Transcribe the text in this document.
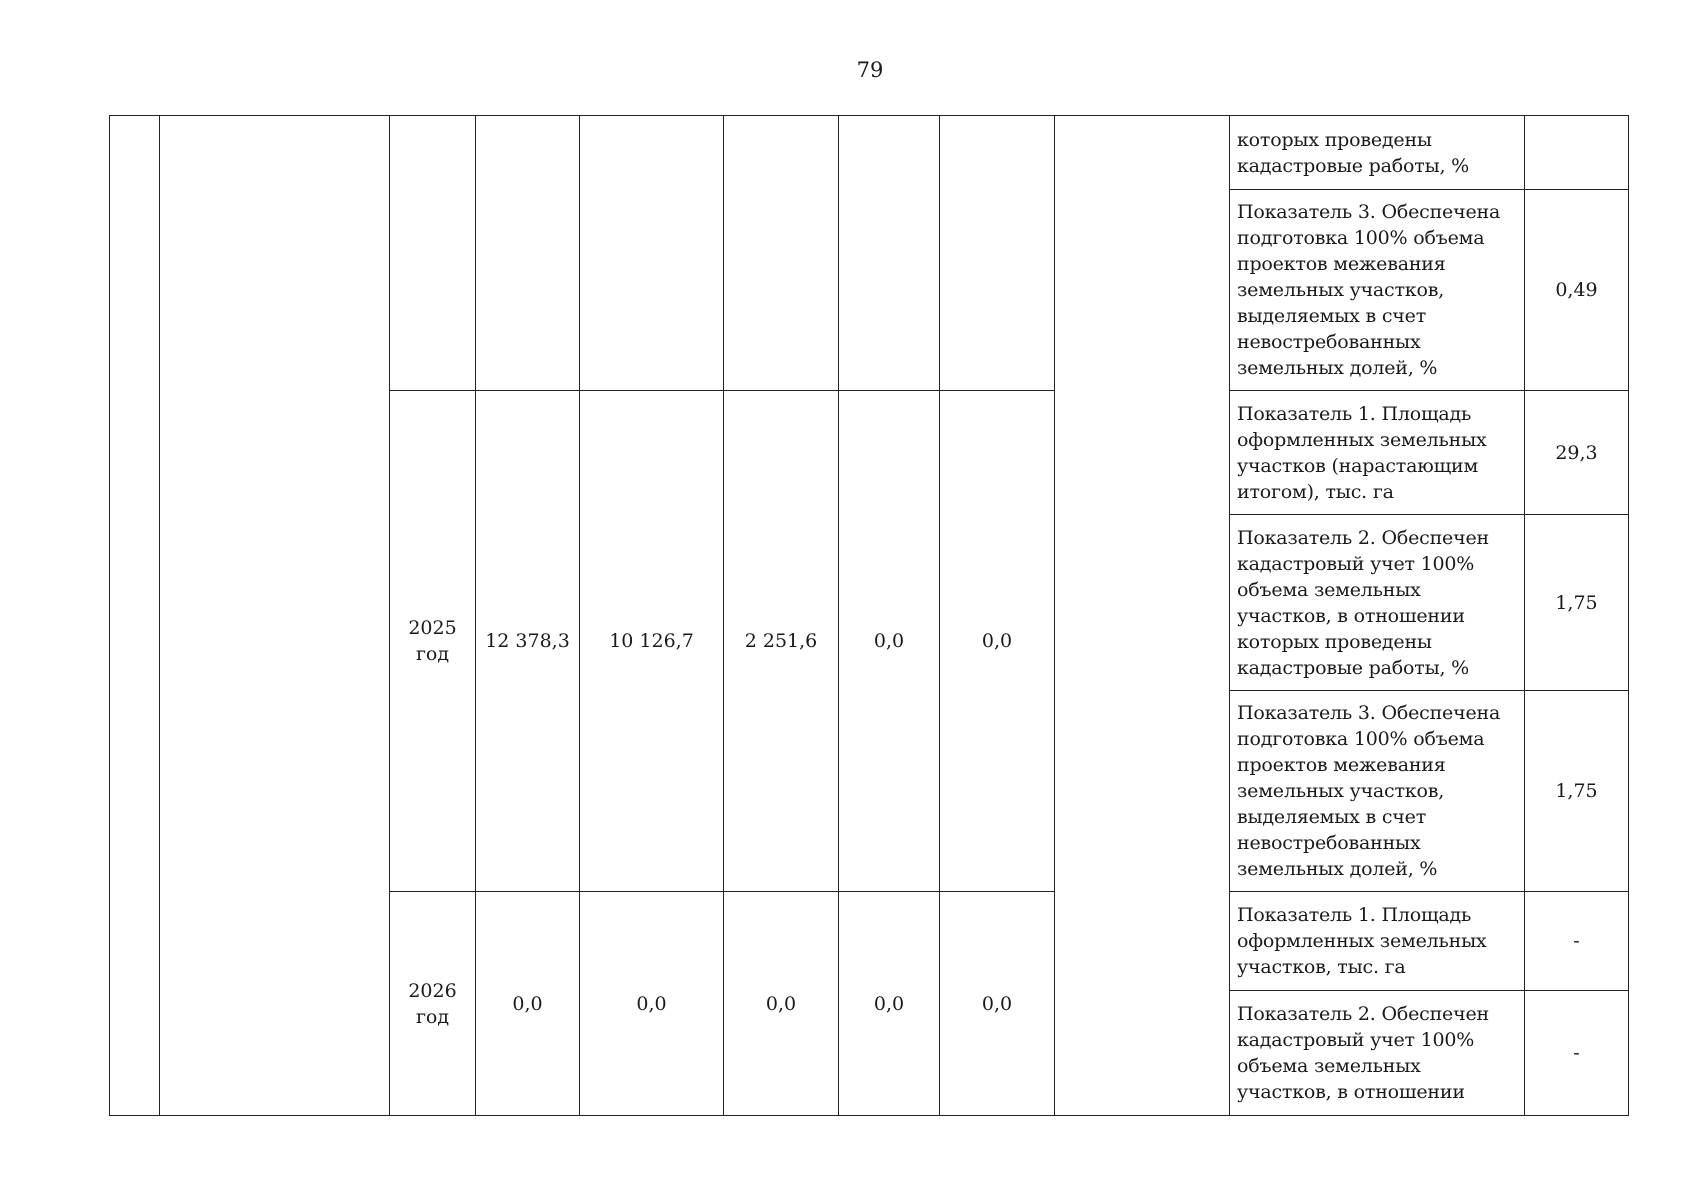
79
									которых проведены кадастровые работы, %	
									Показатель 3. Обеспечена подготовка 100% объема проектов межевания земельных участков, выделяемых в счет невостребованных земельных долей, %	0,49
		2025 год	12 378,3	10 126,7	2 251,6	0,0	0,0		Показатель 1. Площадь оформленных земельных участков (нарастающим итогом), тыс. га	29,3
									Показатель 2. Обеспечен кадастровый учет 100% объема земельных участков, в отношении которых проведены кадастровые работы, %	1,75
									Показатель 3. Обеспечена подготовка 100% объема проектов межевания земельных участков, выделяемых в счет невостребованных земельных долей, %	1,75
		2026 год	0,0	0,0	0,0	0,0	0,0		Показатель 1. Площадь оформленных земельных участков, тыс. га	-
									Показатель 2. Обеспечен кадастровый учет 100% объема земельных участков, в отношении	-
